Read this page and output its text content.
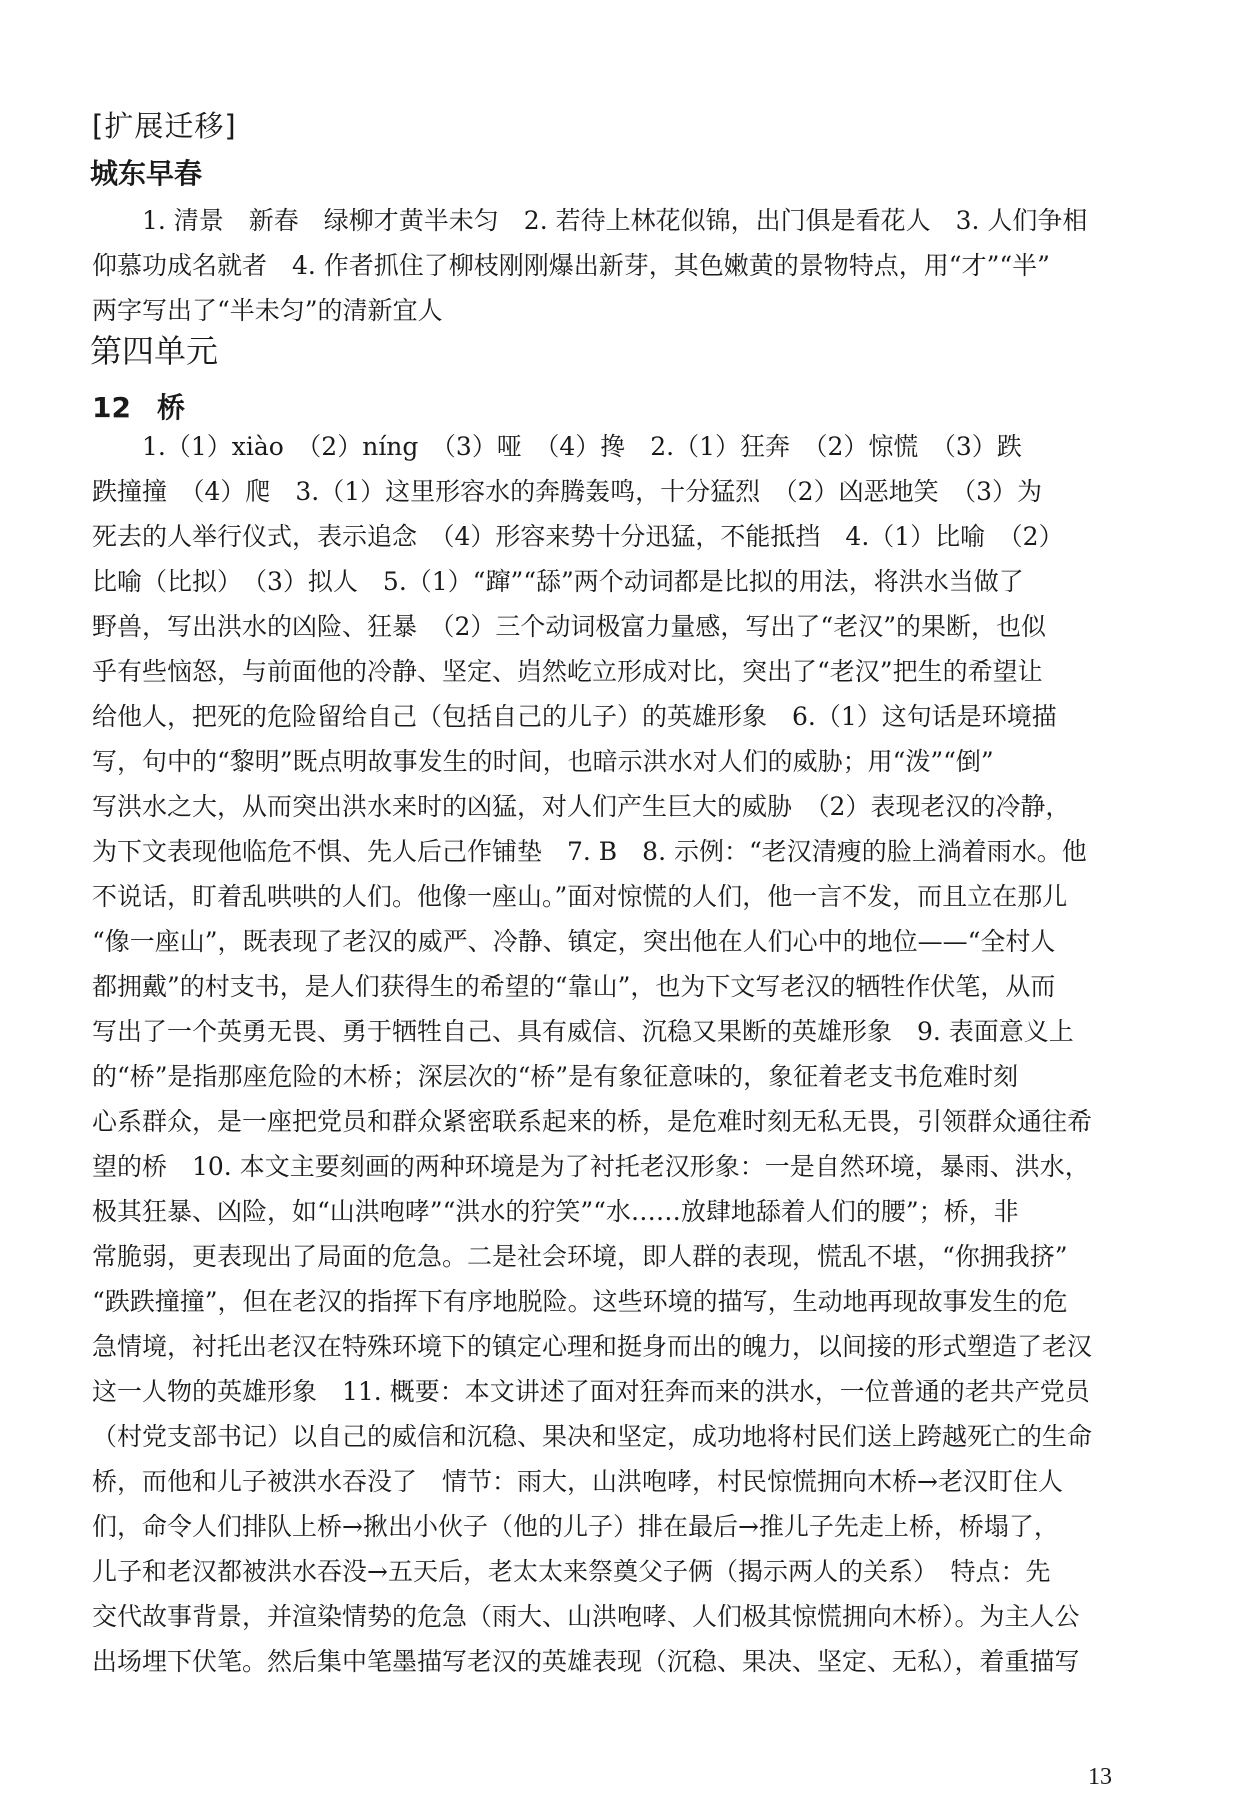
[扩展迁移]
城东早春
1. 清景　新春　绿柳才黄半未匀　2. 若待上林花似锦，出门俱是看花人　3. 人们争相
仰慕功成名就者　4. 作者抓住了柳枝刚刚爆出新芽，其色嫩黄的景物特点，用“才”“半”
两字写出了“半未匀”的清新宜人
第四单元
12 桥
1.（1）xiào　（2）níng　（3）哑　（4）搀　2.（1）狂奔　（2）惊慌　（3）跌
跌撞撞　（4）爬　3.（1）这里形容水的奔腾轰鸣，十分猛烈　（2）凶恶地笑　（3）为
死去的人举行仪式，表示追念　（4）形容来势十分迅猛，不能抵挡　4.（1）比喻　（2）
比喻（比拟）　（3）拟人　5.（1）“蹿”“舔”两个动词都是比拟的用法，将洪水当做了
野兽，写出洪水的凶险、狂暴　（2）三个动词极富力量感，写出了“老汉”的果断，也似
乎有些恼怒，与前面他的冷静、坚定、岿然屹立形成对比，突出了“老汉”把生的希望让
给他人，把死的危险留给自己（包括自己的儿子）的英雄形象　6.（1）这句话是环境描
写，句中的“黎明”既点明故事发生的时间，也暗示洪水对人们的威胁；用“泼”“倒”
写洪水之大，从而突出洪水来时的凶猛，对人们产生巨大的威胁　（2）表现老汉的冷静，
为下文表现他临危不惧、先人后己作铺垫　7. B　8. 示例：“老汉清瘦的脸上淌着雨水。他
不说话，盯着乱哄哄的人们。他像一座山。”面对惊慌的人们，他一言不发，而且立在那儿
“像一座山”，既表现了老汉的威严、冷静、镇定，突出他在人们心中的地位——“全村人
都拥戴”的村支书，是人们获得生的希望的“靠山”，也为下文写老汉的牺牲作伏笔，从而
写出了一个英勇无畏、勇于牺牲自己、具有威信、沉稳又果断的英雄形象　9. 表面意义上
的“桥”是指那座危险的木桥；深层次的“桥”是有象征意味的，象征着老支书危难时刻
心系群众，是一座把党员和群众紧密联系起来的桥，是危难时刻无私无畏，引领群众通往希
望的桥　10. 本文主要刻画的两种环境是为了衬托老汉形象：一是自然环境，暴雨、洪水，
极其狂暴、凶险，如“山洪咆哮”“洪水的狞笑”“水……放肆地舔着人们的腰”；桥，非
常脆弱，更表现出了局面的危急。二是社会环境，即人群的表现，慌乱不堪，“你拥我挤”
“跌跌撞撞”，但在老汉的指挥下有序地脱险。这些环境的描写，生动地再现故事发生的危
急情境，衬托出老汉在特殊环境下的镇定心理和挺身而出的魄力，以间接的形式塑造了老汉
这一人物的英雄形象　11. 概要：本文讲述了面对狂奔而来的洪水，一位普通的老共产党员
（村党支部书记）以自己的威信和沉稳、果决和坚定，成功地将村民们送上跨越死亡的生命
桥，而他和儿子被洪水吞没了　情节：雨大，山洪咆哮，村民惊慌拥向木桥→老汉盯住人
们，命令人们排队上桥→揪出小伙子（他的儿子）排在最后→推儿子先走上桥，桥塌了，
儿子和老汉都被洪水吞没→五天后，老太太来祭奠父子俩（揭示两人的关系）　特点：先
交代故事背景，并渲染情势的危急（雨大、山洪咆哮、人们极其惊慌拥向木桥）。为主人公
出场埋下伏笔。然后集中笔墨描写老汉的英雄表现（沉稳、果决、坚定、无私），着重描写
13
